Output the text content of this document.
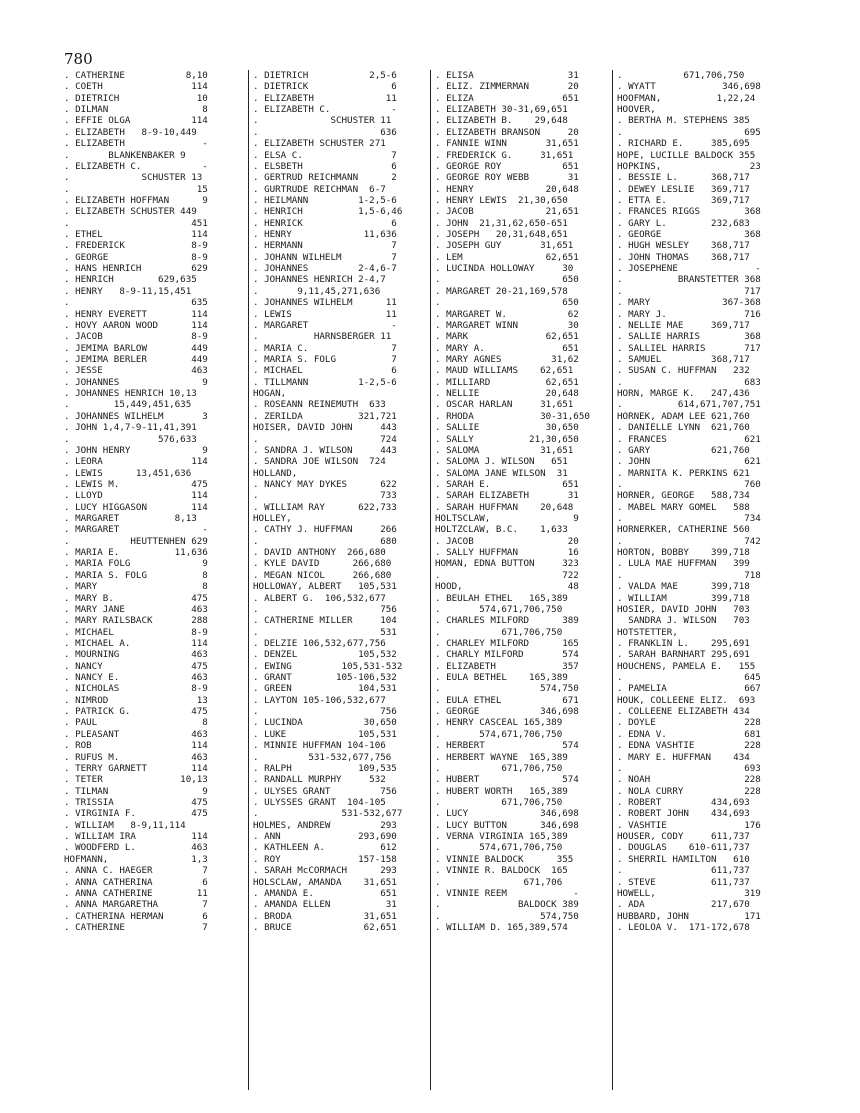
780
. CATHERINE           8,10
. COETH                114
. DIETRICH              10
. DILMAN                 8
. EFFIE OLGA           114
. ELIZABETH   8-9-10,449
. ELIZABETH              -
.       BLANKENBAKER 9
. ELIZABETH C.           -
.             SCHUSTER 13
.                       15
. ELIZABETH HOFFMAN      9
. ELIZABETH SCHUSTER 449
.                      451
. ETHEL                114
. FREDERICK            8-9
. GEORGE               8-9
. HANS HENRICH         629
. HENRICH        629,635
. HENRY   8-9-11,15,451
.                      635
. HENRY EVERETT        114
. HOVY AARON WOOD      114
. JACOB                8-9
. JEMIMA BARLOW        449
. JEMIMA BERLER        449
. JESSE                463
. JOHANNES               9
. JOHANNES HENRICH 10,13
.        15,449,451,635
. JOHANNES WILHELM       3
. JOHN 1,4,7-9-11,41,391
.                576,633
. JOHN HENRY             9
. LEORA                114
. LEWIS      13,451,636
. LEWIS M.             475
. LLOYD                114
. LUCY HIGGASON        114
. MARGARET          8,13
. MARGARET               -
.           HEUTTENHEN 629
. MARIA E.          11,636
. MARIA FOLG             9
. MARIA S. FOLG          8
. MARY                   8
. MARY B.              475
. MARY JANE            463
. MARY RAILSBACK       288
. MICHAEL              8-9
. MICHAEL A.           114
. MOURNING             463
. NANCY                475
. NANCY E.             463
. NICHOLAS             8-9
. NIMROD                13
. PATRICK G.           475
. PAUL                   8
. PLEASANT             463
. ROB                  114
. RUFUS M.             463
. TERRY GARNETT        114
. TETER              10,13
. TILMAN                 9
. TRISSIA              475
. VIRGINIA F.          475
. WILLIAM   8-9,11,114
. WILLIAM IRA          114
. WOODFERD L.          463
HOFMANN,               1,3
. ANNA C. HAEGER         7
. ANNA CATHERINA         6
. ANNA CATHERINE        11
. ANNA MARGARETHA        7
. CATHERINA HERMAN       6
. CATHERINE              7
. DIETRICH           2,5-6
. DIETRICK               6
. ELIZABETH             11
. ELIZABETH C.           -
.             SCHUSTER 11
.                      636
. ELIZABETH SCHUSTER 271
. ELSA C.                7
. ELSBETH                6
. GERTRUD REICHMANN      2
. GURTRUDE REICHMAN  6-7
. HEILMANN         1-2,5-6
. HENRICH          1,5-6,46
. HENRICK                6
. HENRY             11,636
. HERMANN                7
. JOHANN WILHELM         7
. JOHANNES         2-4,6-7
. JOHANNES HENRICH 2-4,7
.       9,11,45,271,636
. JOHANNES WILHELM      11
. LEWIS                 11
. MARGARET               -
.          HARNSBERGER 11
. MARIA C.               7
. MARIA S. FOLG          7
. MICHAEL                6
. TILLMANN         1-2,5-6
HOGAN,
. ROSEANN REINEMUTH  633
. ZERILDA          321,721
HOISER, DAVID JOHN     443
.                      724
. SANDRA J. WILSON     443
. SANDRA JOE WILSON  724
HOLLAND,
. NANCY MAY DYKES      622
.                      733
. WILLIAM RAY      622,733
HOLLEY,
. CATHY J. HUFFMAN     266
.                      680
. DAVID ANTHONY  266,680
. KYLE DAVID      266,680
. MEGAN NICOL     266,680
HOLLOWAY, ALBERT   105,531
. ALBERT G.  106,532,677
.                      756
. CATHERINE MILLER     104
.                      531
. DELZIE 106,532,677,756
. DENZEL           105,532
. EWING         105,531-532
. GRANT        105-106,532
. GREEN            104,531
. LAYTON 105-106,532,677
.                      756
. LUCINDA           30,650
. LUKE             105,531
. MINNIE HUFFMAN 104-106
.         531-532,677,756
. RALPH            109,535
. RANDALL MURPHY     532
. ULYSES GRANT         756
. ULYSSES GRANT  104-105
.               531-532,677
HOLMES, ANDREW         293
. ANN              293,690
. KATHLEEN A.          612
. ROY              157-158
. SARAH McCORMACH      293
HOLSCLAW, AMANDA    31,651
. AMANDA E.            651
. AMANDA ELLEN          31
. BRODA             31,651
. BRUCE             62,651
. ELISA                 31
. ELIZ. ZIMMERMAN       20
. ELIZA                651
. ELIZABETH 30-31,69,651
. ELIZABETH B.    29,648
. ELIZABETH BRANSON     20
. FANNIE WINN       31,651
. FREDERICK G.     31,651
. GEORGE ROY           651
. GEORGE ROY WEBB       31
. HENRY             20,648
. HENRY LEWIS  21,30,650
. JACOB             21,651
. JOHN  21,31,62,650-651
. JOSEPH   20,31,648,651
. JOSEPH GUY       31,651
. LEM               62,651
. LUCINDA HOLLOWAY     30
.                      650
. MARGARET 20-21,169,578
.                      650
. MARGARET W.           62
. MARGARET WINN         30
. MARK              62,651
. MARY A.              651
. MARY AGNES         31,62
. MAUD WILLIAMS    62,651
. MILLIARD          62,651
. NELLIE            20,648
. OSCAR HARLAN     31,651
. RHODA            30-31,650
. SALLIE            30,650
. SALLY          21,30,650
. SALOMA           31,651
. SALOMA J. WILSON   651
. SALOMA JANE WILSON  31
. SARAH E.             651
. SARAH ELIZABETH       31
. SARAH HUFFMAN    20,648
HOLTSCLAW,               9
HOLTZCLAW, B.C.    1,633
. JACOB                 20
. SALLY HUFFMAN         16
HOMAN, EDNA BUTTON     323
.                      722
HOOD,                   48
. BEULAH ETHEL   165,389
.       574,671,706,750
. CHARLES MILFORD      389
.           671,706,750
. CHARLEY MILFORD      165
. CHARLY MILFORD       574
. ELIZABETH            357
. EULA BETHEL    165,389
.                  574,750
. EULA ETHEL           671
. GEORGE           346,698
. HENRY CASCEAL 165,389
.       574,671,706,750
. HERBERT              574
. HERBERT WAYNE  165,389
.           671,706,750
. HUBERT               574
. HUBERT WORTH   165,389
.           671,706,750
. LUCY             346,698
. LUCY BUTTON      346,698
. VERNA VIRGINIA 165,389
.       574,671,706,750
. VINNIE BALDOCK      355
. VINNIE R. BALDOCK  165
.               671,706
. VINNIE REEM            -
.              BALDOCK 389
.                  574,750
. WILLIAM D. 165,389,574
.           671,706,750
. WYATT            346,698
HOOFMAN,          1,22,24
HOOVER,
. BERTHA M. STEPHENS 385
.                      695
. RICHARD E.     385,695
HOPE, LUCILLE BALDOCK 355
HOPKINS,                23
. BESSIE L.      368,717
. DEWEY LESLIE   369,717
. ETTA E.        369,717
. FRANCES RIGGS        368
. GARY L.        232,683
. GEORGE               368
. HUGH WESLEY    368,717
. JOHN THOMAS    368,717
. JOSEPHENE              -
.          BRANSTETTER 368
.                      717
. MARY             367-368
. MARY J.              716
. NELLIE MAE     369,717
. SALLIE HARRIS        368
. SALLIEL HARRIS       717
. SAMUEL         368,717
. SUSAN C. HUFFMAN   232
.                      683
HORN, MARGE K.   247,436
.          614,671,707,751
HORNEK, ADAM LEE 621,760
. DANIELLE LYNN  621,760
. FRANCES              621
. GARY           621,760
. JOHN                 621
. MARNITA K. PERKINS 621
.                      760
HORNER, GEORGE   588,734
. MABEL MARY GOMEL   588
.                      734
HORNERKER, CATHERINE 560
.                      742
HORTON, BOBBY    399,718
. LULA MAE HUFFMAN   399
.                      718
. VALDA MAE      399,718
. WILLIAM        399,718
HOSIER, DAVID JOHN   703
SANDRA J. WILSON   703
HOTSTETTER,
. FRANKLIN L.    295,691
. SARAH BARNHART 295,691
HOUCHENS, PAMELA E.   155
.                      645
. PAMELIA              667
HOUK, COLLEENE ELIZ.  693
. COLLEENE ELIZABETH 434
. DOYLE                228
. EDNA V.              681
. EDNA VASHTIE         228
. MARY E. HUFFMAN    434
.                      693
. NOAH                 228
. NOLA CURRY           228
. ROBERT         434,693
. ROBERT JOHN    434,693
. VASHTIE              176
HOUSER, CODY     611,737
. DOUGLAS    610-611,737
. SHERRIL HAMILTON   610
.                611,737
. STEVE          611,737
HOWELL,                319
. ADA            217,670
HUBBARD, JOHN          171
. LEOLOA V.  171-172,678
